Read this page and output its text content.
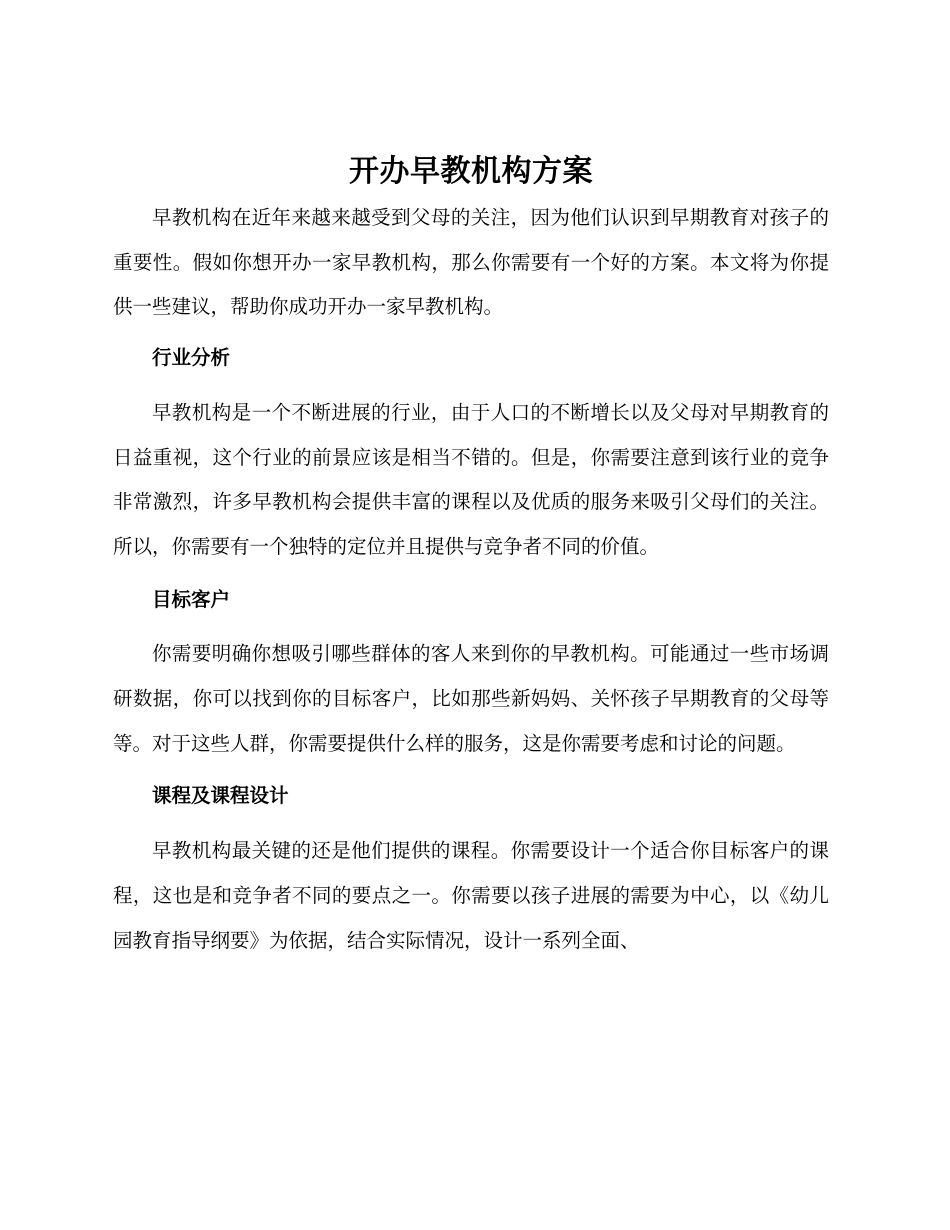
开办早教机构方案

早教机构在近年来越来越受到父母的关注，因为他们认识到早期教育对孩子的重要性。假如你想开办一家早教机构，那么你需要有一个好的方案。本文将为你提供一些建议，帮助你成功开办一家早教机构。

行业分析

早教机构是一个不断进展的行业，由于人口的不断增长以及父母对早期教育的日益重视，这个行业的前景应该是相当不错的。但是，你需要注意到该行业的竞争非常激烈，许多早教机构会提供丰富的课程以及优质的服务来吸引父母们的关注。所以，你需要有一个独特的定位并且提供与竞争者不同的价值。

目标客户

你需要明确你想吸引哪些群体的客人来到你的早教机构。可能通过一些市场调研数据，你可以找到你的目标客户，比如那些新妈妈、关怀孩子早期教育的父母等等。对于这些人群，你需要提供什么样的服务，这是你需要考虑和讨论的问题。

课程及课程设计

早教机构最关键的还是他们提供的课程。你需要设计一个适合你目标客户的课程，这也是和竞争者不同的要点之一。你需要以孩子进展的需要为中心，以《幼儿园教育指导纲要》为依据，结合实际情况，设计一系列全面、
